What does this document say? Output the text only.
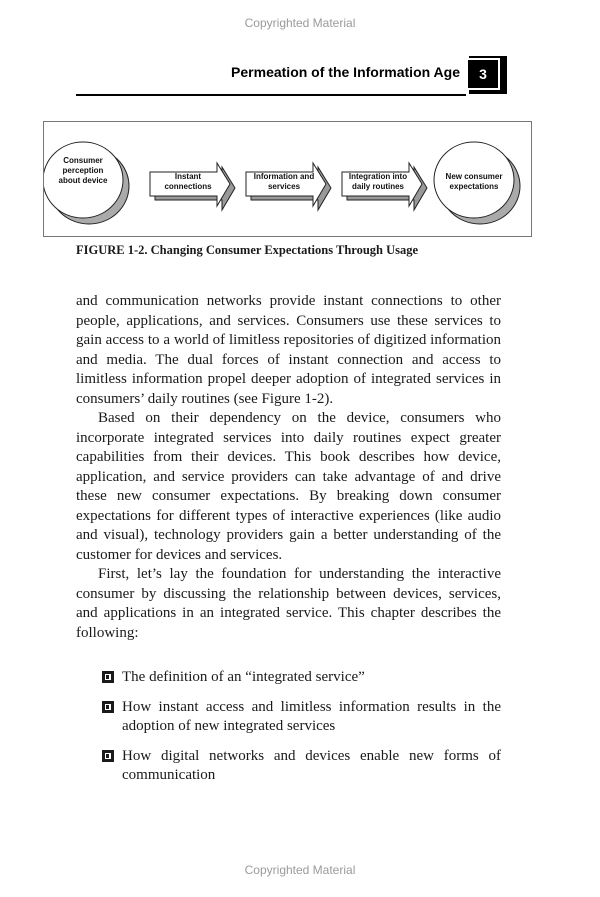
Copyrighted Material
Permeation of the Information Age	3
Consumer
perception
about device	Instant
connections
Information and
services
Integration into
daily routines
New consumer
expectations
FIGURE 1-2. Changing Consumer Expectations Through Usage

and communication networks provide instant connections to other people, applications, and services. Consumers use these services to gain access to a world of limitless repositories of digitized information and media. The dual forces of instant connection and access to limitless information propel deeper adoption of integrated services in consumers’ daily routines (see Figure 1-2).

Based on their dependency on the device, consumers who incorporate integrated services into daily routines expect greater capabilities from their devices. This book describes how device, application, and service providers can take advantage of and drive these new consumer expectations. By breaking down consumer expectations for different types of interactive experiences (like audio and visual), technology providers gain a better understanding of the customer for devices and services.

First, let’s lay the foundation for understanding the interactive consumer by discussing the relationship between devices, services, and applications in an integrated service. This chapter describes the following:

The definition of an “integrated service”
How instant access and limitless information results in the adoption of new integrated services
How digital networks and devices enable new forms of communication
Copyrighted Material
